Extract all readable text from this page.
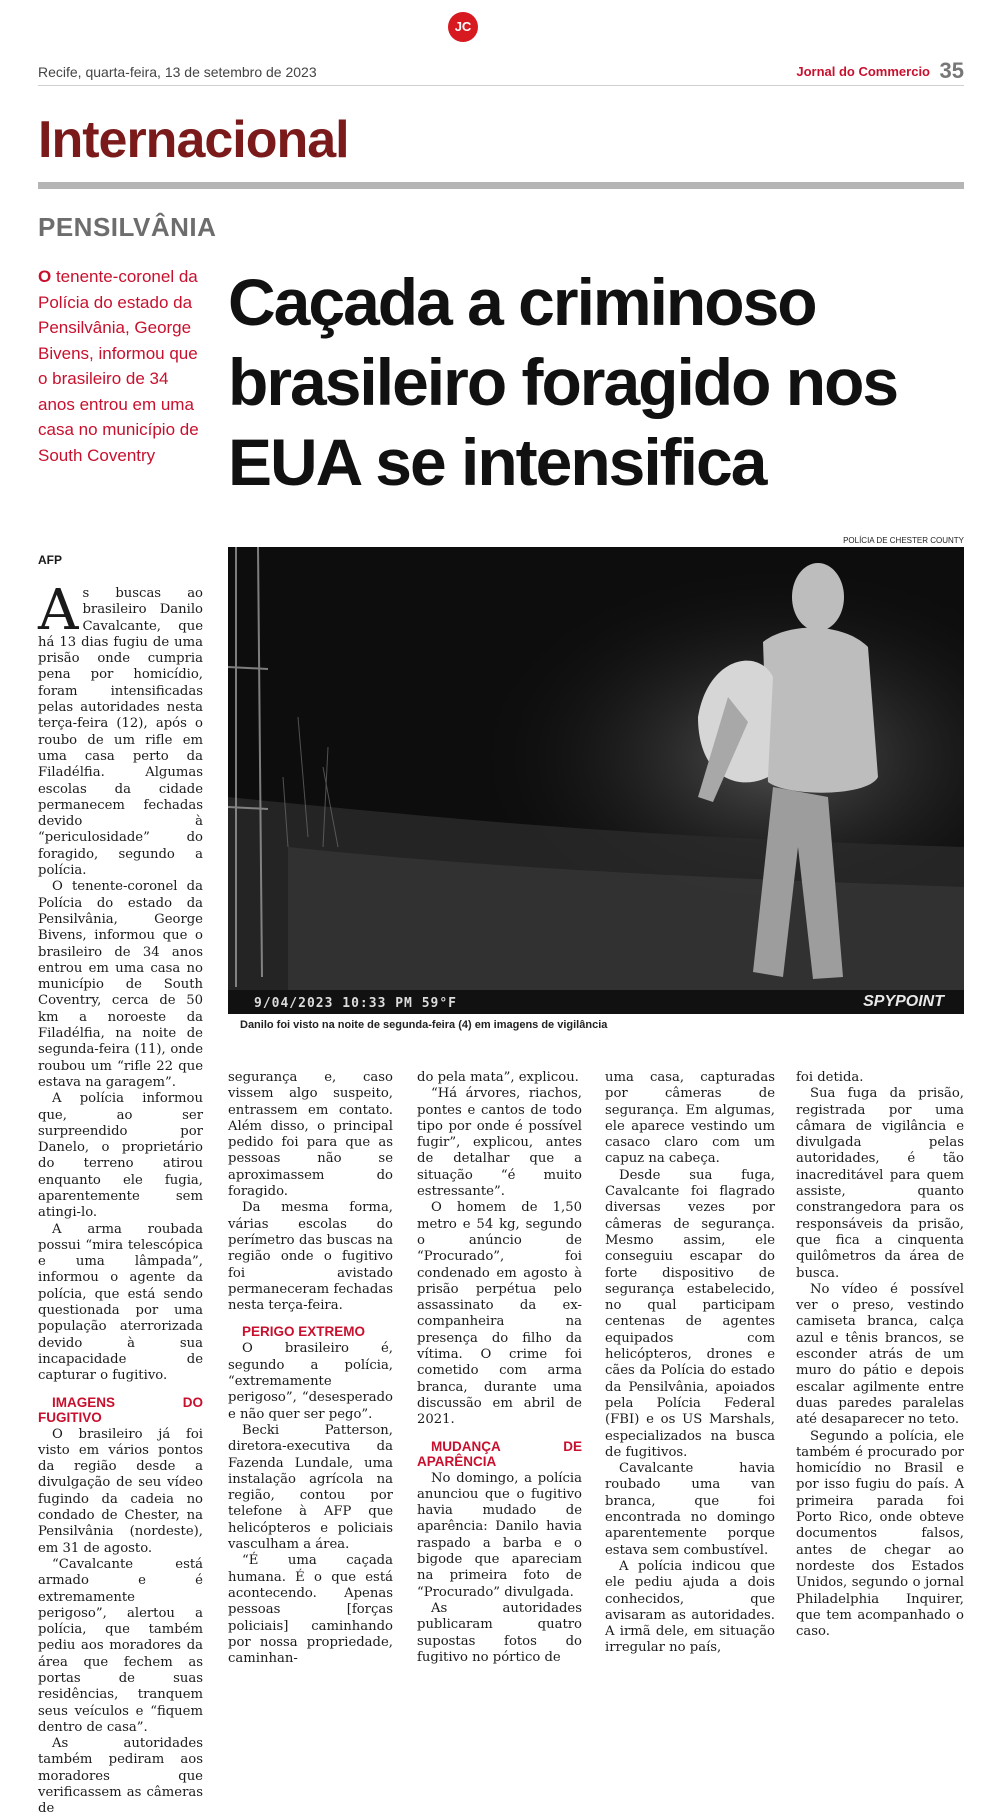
Recife, quarta-feira, 13 de setembro de 2023	Jornal do Commercio 35
JC
Internacional
PENSILVÂNIA
O tenente-coronel da Polícia do estado da Pensilvânia, George Bivens, informou que o brasileiro de 34 anos entrou em uma casa no município de South Coventry
Caçada a criminoso brasileiro foragido nos EUA se intensifica
POLÍCIA DE CHESTER COUNTY
9/04/2023 10:33 PM 59°F	SPYPOINT
Danilo foi visto na noite de segunda-feira (4) em imagens de vigilância
AFP

As buscas ao brasileiro Danilo Cavalcante, que há 13 dias fugiu de uma prisão onde cumpria pena por homicídio, foram intensificadas pelas autoridades nesta terça-feira (12), após o roubo de um rifle em uma casa perto da Filadélfia. Algumas escolas da cidade permanecem fechadas devido à “periculosidade” do foragido, segundo a polícia.

O tenente-coronel da Polícia do estado da Pensilvânia, George Bivens, informou que o brasileiro de 34 anos entrou em uma casa no município de South Coventry, cerca de 50 km a noroeste da Filadélfia, na noite de segunda-feira (11), onde roubou um “rifle 22 que estava na garagem”.

A polícia informou que, ao ser surpreendido por Danelo, o proprietário do terreno atirou enquanto ele fugia, aparentemente sem atingi-lo.

A arma roubada possui “mira telescópica e uma lâmpada”, informou o agente da polícia, que está sendo questionada por uma população aterrorizada devido à sua incapacidade de capturar o fugitivo.

IMAGENS DO FUGITIVO

O brasileiro já foi visto em vários pontos da região desde a divulgação de seu vídeo fugindo da cadeia no condado de Chester, na Pensilvânia (nordeste), em 31 de agosto.

“Cavalcante está armado e é extremamente perigoso”, alertou a polícia, que também pediu aos moradores da área que fechem as portas de suas residências, tranquem seus veículos e “fiquem dentro de casa”.

As autoridades também pediram aos moradores que verificassem as câmeras de

segurança e, caso vissem algo suspeito, entrassem em contato. Além disso, o principal pedido foi para que as pessoas não se aproximassem do foragido.

Da mesma forma, várias escolas do perímetro das buscas na região onde o fugitivo foi avistado permaneceram fechadas nesta terça-feira.

PERIGO EXTREMO

O brasileiro é, segundo a polícia, “extremamente perigoso”, “desesperado e não quer ser pego”.

Becki Patterson, diretora-executiva da Fazenda Lundale, uma instalação agrícola na região, contou por telefone à AFP que helicópteros e policiais vasculham a área.

“É uma caçada humana. É o que está acontecendo. Apenas pessoas [forças policiais] caminhando por nossa propriedade, caminhan-

do pela mata”, explicou.

“Há árvores, riachos, pontes e cantos de todo tipo por onde é possível fugir”, explicou, antes de detalhar que a situação “é muito estressante”.

O homem de 1,50 metro e 54 kg, segundo o anúncio de “Procurado”, foi condenado em agosto à prisão perpétua pelo assassinato da ex-companheira na presença do filho da vítima. O crime foi cometido com arma branca, durante uma discussão em abril de 2021.

MUDANÇA DE APARÊNCIA

No domingo, a polícia anunciou que o fugitivo havia mudado de aparência: Danilo havia raspado a barba e o bigode que apareciam na primeira foto de “Procurado” divulgada.

As autoridades publicaram quatro supostas fotos do fugitivo no pórtico de

uma casa, capturadas por câmeras de segurança. Em algumas, ele aparece vestindo um casaco claro com um capuz na cabeça.

Desde sua fuga, Cavalcante foi flagrado diversas vezes por câmeras de segurança. Mesmo assim, ele conseguiu escapar do forte dispositivo de segurança estabelecido, no qual participam centenas de agentes equipados com helicópteros, drones e cães da Polícia do estado da Pensilvânia, apoiados pela Polícia Federal (FBI) e os US Marshals, especializados na busca de fugitivos.

Cavalcante havia roubado uma van branca, que foi encontrada no domingo aparentemente porque estava sem combustível.

A polícia indicou que ele pediu ajuda a dois conhecidos, que avisaram as autoridades. A irmã dele, em situação irregular no país,

foi detida.

Sua fuga da prisão, registrada por uma câmara de vigilância e divulgada pelas autoridades, é tão inacreditável para quem assiste, quanto constrangedora para os responsáveis da prisão, que fica a cinquenta quilômetros da área de busca.

No vídeo é possível ver o preso, vestindo camiseta branca, calça azul e tênis brancos, se esconder atrás de um muro do pátio e depois escalar agilmente entre duas paredes paralelas até desaparecer no teto.

Segundo a polícia, ele também é procurado por homicídio no Brasil e por isso fugiu do país. A primeira parada foi Porto Rico, onde obteve documentos falsos, antes de chegar ao nordeste dos Estados Unidos, segundo o jornal Philadelphia Inquirer, que tem acompanhado o caso.
